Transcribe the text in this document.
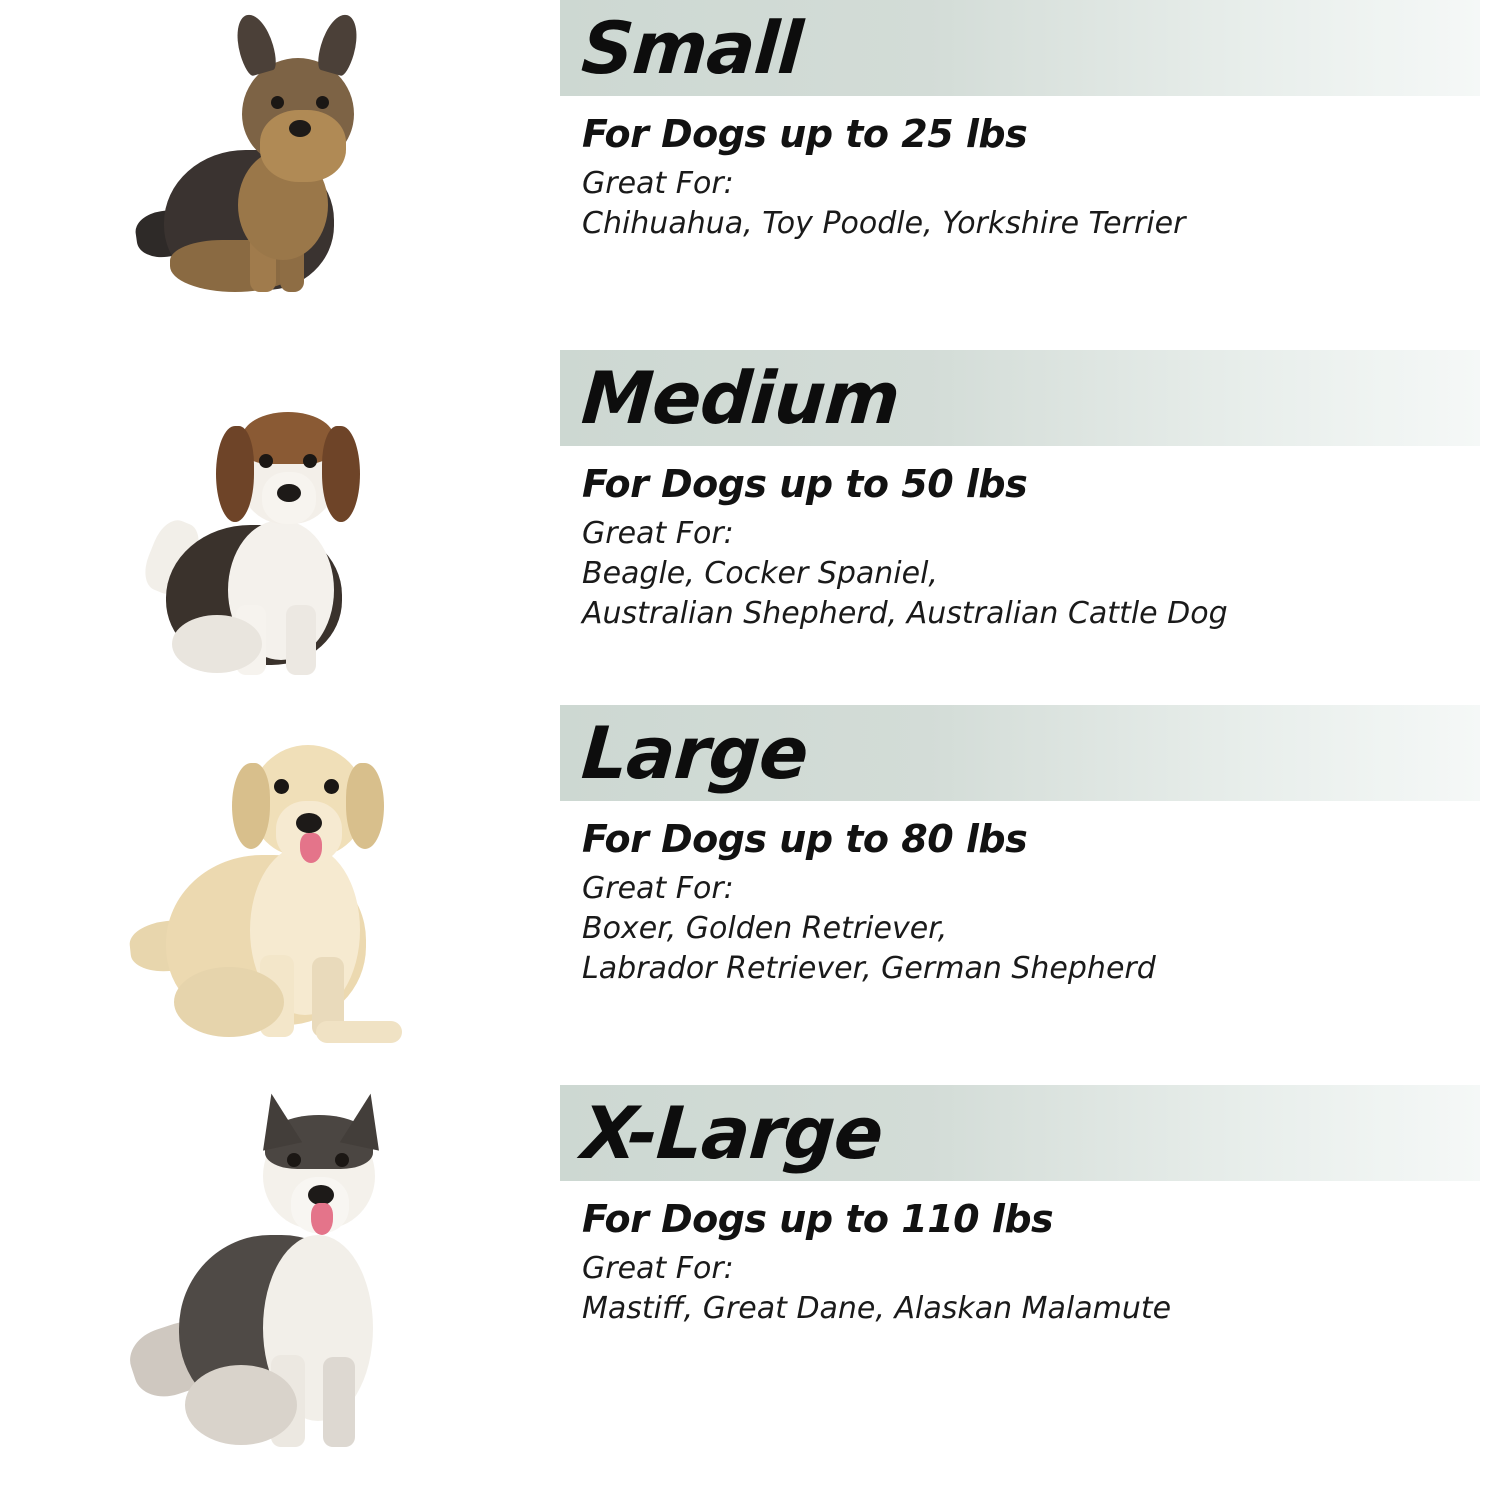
Small
For Dogs up to 25 lbs
Great For:
Chihuahua, Toy Poodle, Yorkshire Terrier
Medium
For Dogs up to 50 lbs
Great For:
Beagle, Cocker Spaniel,
Australian Shepherd, Australian Cattle Dog
Large
For Dogs up to 80 lbs
Great For:
Boxer, Golden Retriever,
Labrador Retriever, German Shepherd
X-Large
For Dogs up to 110 lbs
Great For:
Mastiff, Great Dane, Alaskan Malamute
